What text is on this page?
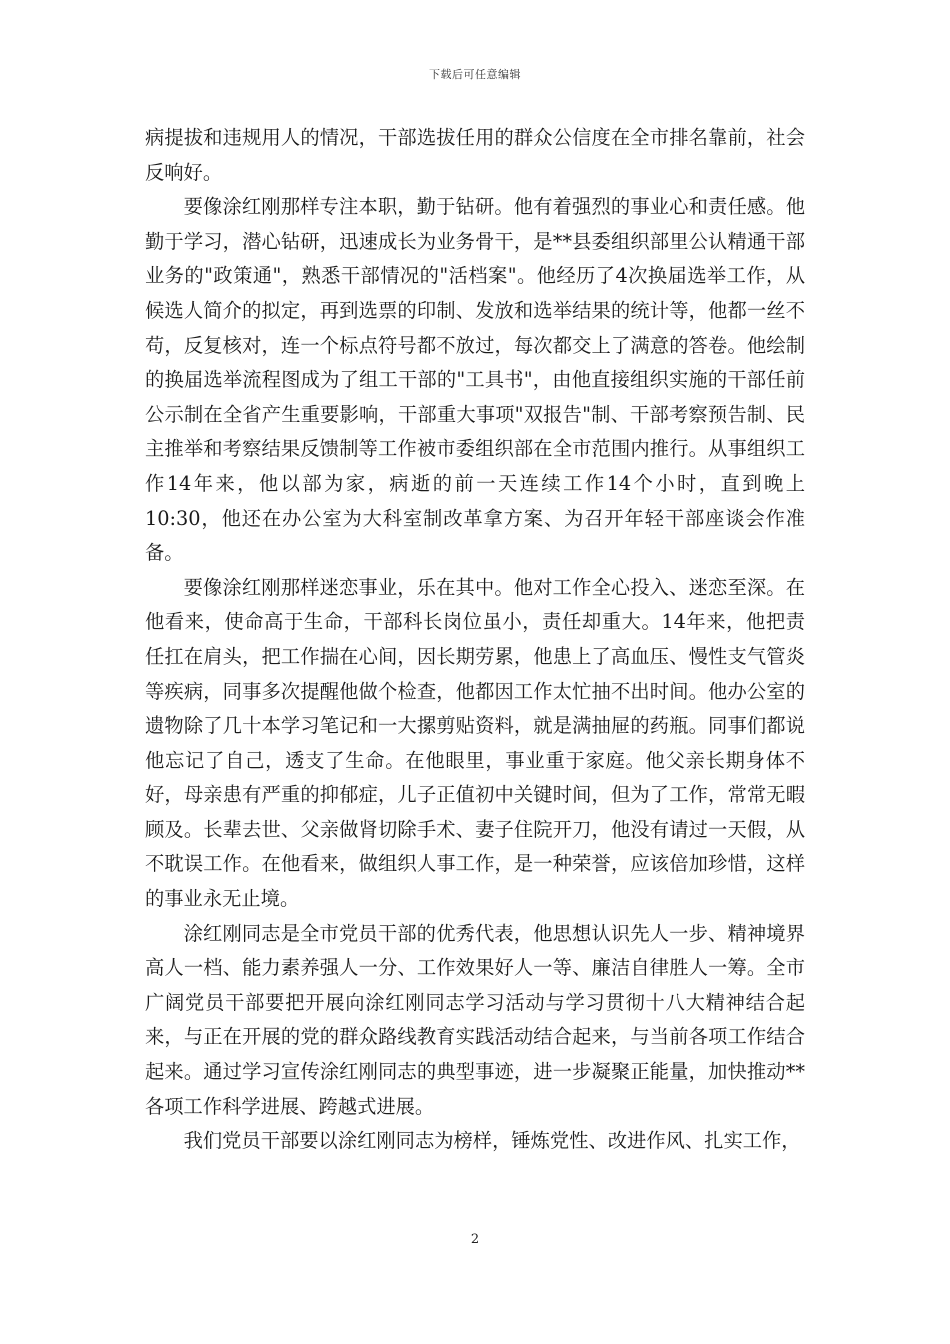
下载后可任意编辑

病提拔和违规用人的情况，干部选拔任用的群众公信度在全市排名靠前，社会反响好。

要像涂红刚那样专注本职，勤于钻研。他有着强烈的事业心和责任感。他勤于学习，潜心钻研，迅速成长为业务骨干，是**县委组织部里公认精通干部业务的"政策通"，熟悉干部情况的"活档案"。他经历了4次换届选举工作，从候选人简介的拟定，再到选票的印制、发放和选举结果的统计等，他都一丝不苟，反复核对，连一个标点符号都不放过，每次都交上了满意的答卷。他绘制的换届选举流程图成为了组工干部的"工具书"，由他直接组织实施的干部任前公示制在全省产生重要影响，干部重大事项"双报告"制、干部考察预告制、民主推举和考察结果反馈制等工作被市委组织部在全市范围内推行。从事组织工作14年来，他以部为家，病逝的前一天连续工作14个小时，直到晚上10:30，他还在办公室为大科室制改革拿方案、为召开年轻干部座谈会作准备。

要像涂红刚那样迷恋事业，乐在其中。他对工作全心投入、迷恋至深。在他看来，使命高于生命，干部科长岗位虽小，责任却重大。14年来，他把责任扛在肩头，把工作揣在心间，因长期劳累，他患上了高血压、慢性支气管炎等疾病，同事多次提醒他做个检查，他都因工作太忙抽不出时间。他办公室的遗物除了几十本学习笔记和一大摞剪贴资料，就是满抽屉的药瓶。同事们都说他忘记了自己，透支了生命。在他眼里，事业重于家庭。他父亲长期身体不好，母亲患有严重的抑郁症，儿子正值初中关键时间，但为了工作，常常无暇顾及。长辈去世、父亲做肾切除手术、妻子住院开刀，他没有请过一天假，从不耽误工作。在他看来，做组织人事工作，是一种荣誉，应该倍加珍惜，这样的事业永无止境。

涂红刚同志是全市党员干部的优秀代表，他思想认识先人一步、精神境界高人一档、能力素养强人一分、工作效果好人一等、廉洁自律胜人一筹。全市广阔党员干部要把开展向涂红刚同志学习活动与学习贯彻十八大精神结合起来，与正在开展的党的群众路线教育实践活动结合起来，与当前各项工作结合起来。通过学习宣传涂红刚同志的典型事迹，进一步凝聚正能量，加快推动**各项工作科学进展、跨越式进展。

我们党员干部要以涂红刚同志为榜样，锤炼党性、改进作风、扎实工作，

2
